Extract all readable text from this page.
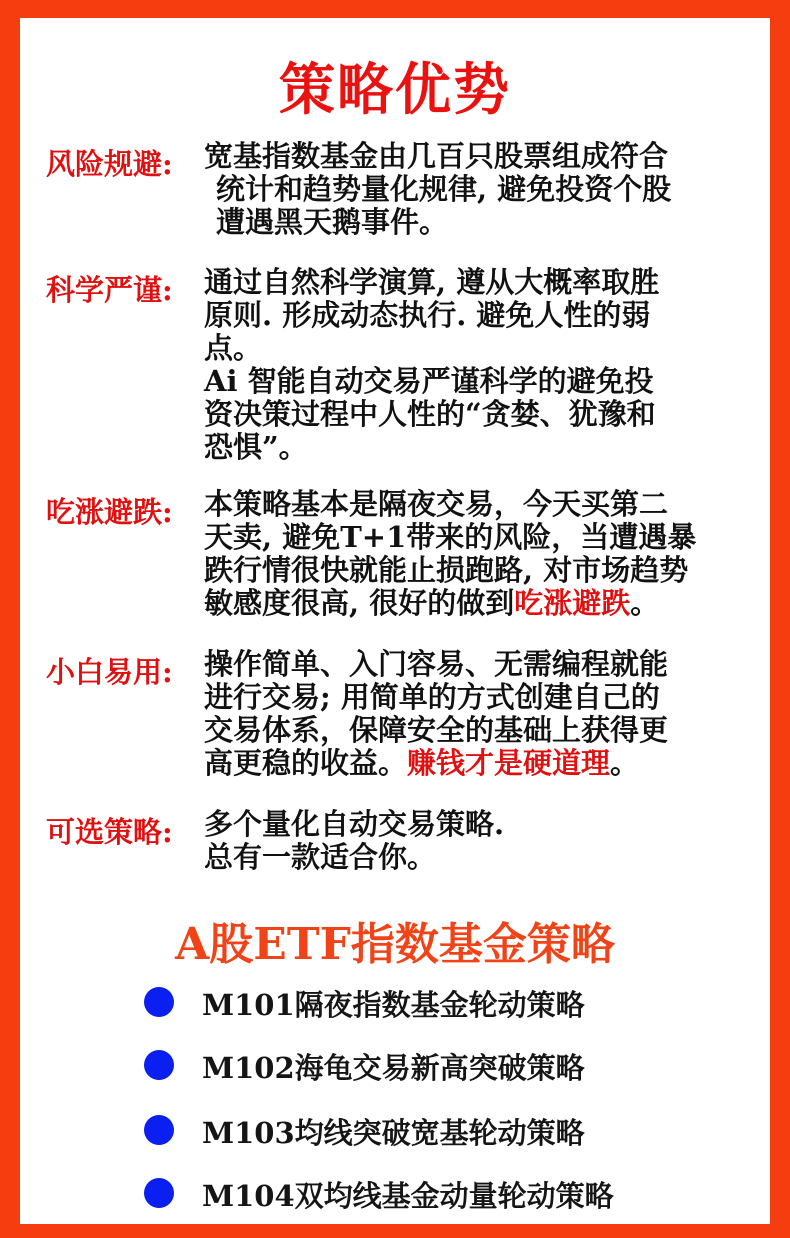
策略优势
风险规避: 宽基指数基金由几百只股票组成符合
统计和趋势量化规律, 避免投资个股
遭遇黑天鹅事件。
科学严谨: 通过自然科学演算, 遵从大概率取胜
原则. 形成动态执行. 避免人性的弱
点。
Ai 智能自动交易严谨科学的避免投
资决策过程中人性的“贪婪、犹豫和
恐惧”。
吃涨避跌: 本策略基本是隔夜交易，今天买第二
天卖, 避免T+1带来的风险，当遭遇暴
跌行情很快就能止损跑路, 对市场趋势
敏感度很高, 很好的做到吃涨避跌。
小白易用: 操作简单、入门容易、无需编程就能
进行交易; 用简单的方式创建自己的
交易体系，保障安全的基础上获得更
高更稳的收益。赚钱才是硬道理。
可选策略: 多个量化自动交易策略.
总有一款适合你。
A股ETF指数基金策略
M101隔夜指数基金轮动策略
M102海龟交易新高突破策略
M103均线突破宽基轮动策略
M104双均线基金动量轮动策略
